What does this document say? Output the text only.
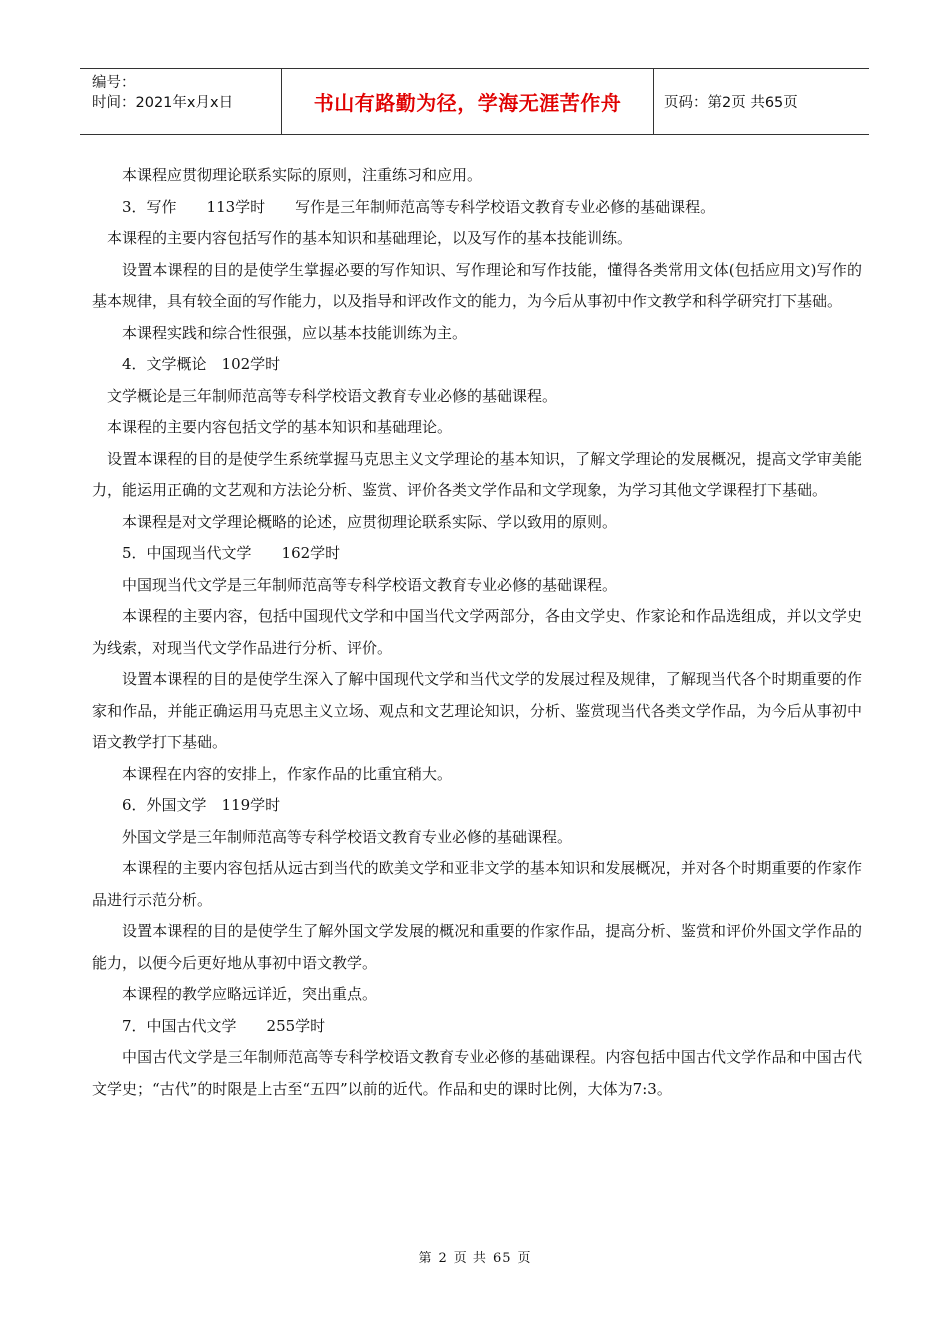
编号：
时间：2021年x月x日	书山有路勤为径，学海无涯苦作舟	页码：第2页 共65页

本课程应贯彻理论联系实际的原则，注重练习和应用。

3．写作　　113学时　　写作是三年制师范高等专科学校语文教育专业必修的基础课程。

本课程的主要内容包括写作的基本知识和基础理论，以及写作的基本技能训练。

设置本课程的目的是使学生掌握必要的写作知识、写作理论和写作技能，懂得各类常用文体(包括应用文)写作的基本规律，具有较全面的写作能力，以及指导和评改作文的能力，为今后从事初中作文教学和科学研究打下基础。

本课程实践和综合性很强，应以基本技能训练为主。

4．文学概论　102学时

文学概论是三年制师范高等专科学校语文教育专业必修的基础课程。

本课程的主要内容包括文学的基本知识和基础理论。

设置本课程的目的是使学生系统掌握马克思主义文学理论的基本知识，了解文学理论的发展概况，提高文学审美能力，能运用正确的文艺观和方法论分析、鉴赏、评价各类文学作品和文学现象，为学习其他文学课程打下基础。

本课程是对文学理论概略的论述，应贯彻理论联系实际、学以致用的原则。

5．中国现当代文学　　162学时

中国现当代文学是三年制师范高等专科学校语文教育专业必修的基础课程。

本课程的主要内容，包括中国现代文学和中国当代文学两部分，各由文学史、作家论和作品选组成，并以文学史为线索，对现当代文学作品进行分析、评价。

设置本课程的目的是使学生深入了解中国现代文学和当代文学的发展过程及规律，了解现当代各个时期重要的作家和作品，并能正确运用马克思主义立场、观点和文艺理论知识，分析、鉴赏现当代各类文学作品，为今后从事初中语文教学打下基础。

本课程在内容的安排上，作家作品的比重宜稍大。

6．外国文学　119学时

外国文学是三年制师范高等专科学校语文教育专业必修的基础课程。

本课程的主要内容包括从远古到当代的欧美文学和亚非文学的基本知识和发展概况，并对各个时期重要的作家作品进行示范分析。

设置本课程的目的是使学生了解外国文学发展的概况和重要的作家作品，提高分析、鉴赏和评价外国文学作品的能力，以便今后更好地从事初中语文教学。

本课程的教学应略远详近，突出重点。

7．中国古代文学　　255学时

中国古代文学是三年制师范高等专科学校语文教育专业必修的基础课程。内容包括中国古代文学作品和中国古代文学史；“古代”的时限是上古至“五四”以前的近代。作品和史的课时比例，大体为7:3。

第 2 页 共 65 页
